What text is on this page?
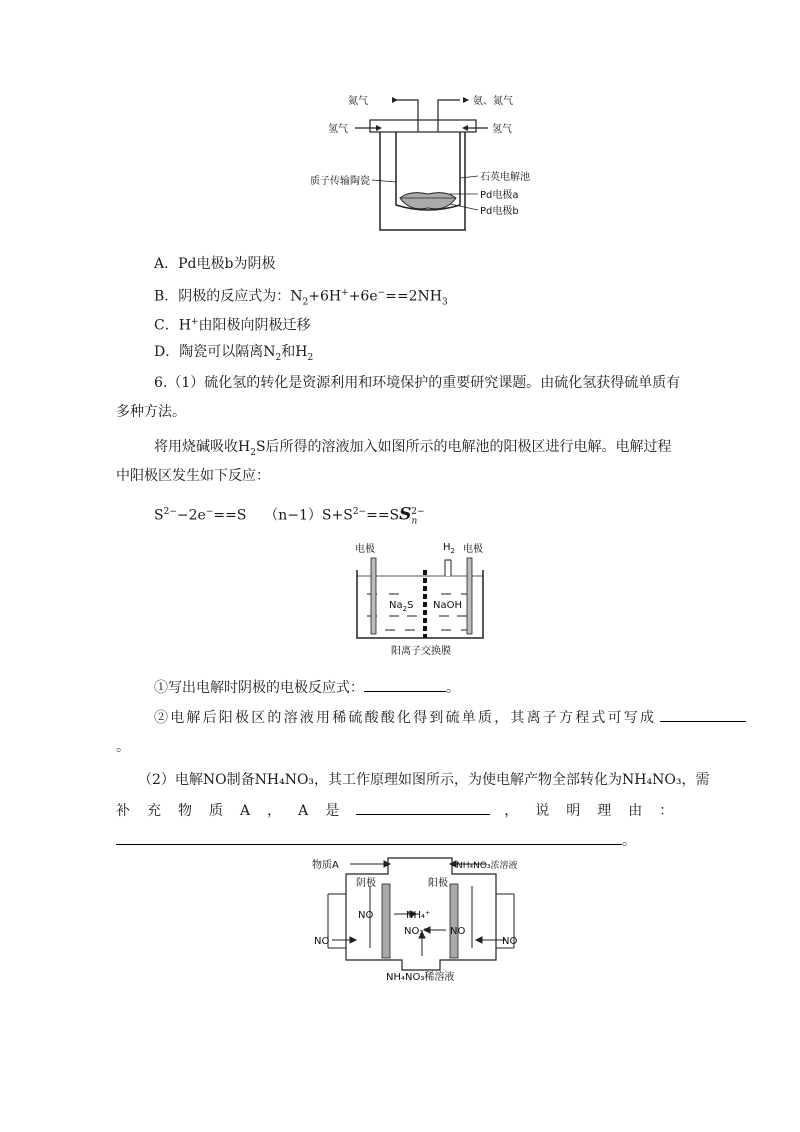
氮气	氨、氮气
氢气	氢气
质子传输陶瓷	石英电解池
Pd电极a
Pd电极b
A．Pd电极b为阴极
B．阴极的反应式为：$N_2+6H^++6e^-==2NH_3$
C．H+由阳极向阴极迁移
D．陶瓷可以隔离$N_2$和$H_2$
6.（1）硫化氢的转化是资源利用和环境保护的重要研究课题。由硫化氢获得硫单质有
多种方法。
将用烧碱吸收$H_2S$后所得的溶液加入如图所示的电解池的阳极区进行电解。电解过程
中阳极区发生如下反应：
$S^{2-}-2e^-==S$ $(n-1)S+S^{2-}==SS_n^{2-}$
电极	$H_2$ 电极
$Na_2S$ NaOH
阳离子交换膜
①写出电解时阴极的电极反应式：	。
②电解后阳极区的溶液用稀硫酸酸化得到硫单质，其离子方程式可写成
。
（2）电解NO制备NH₄NO₃，其工作原理如图所示，为使电解产物全部转化为NH₄NO₃，需
补充物质A，A是	，说明理由：
。
物质A	NH₄NO₃浓溶液
阴极	阳极
NO	NH₄⁺
NO₃⁻ NO
NO	NO
NH₄NO₃稀溶液
